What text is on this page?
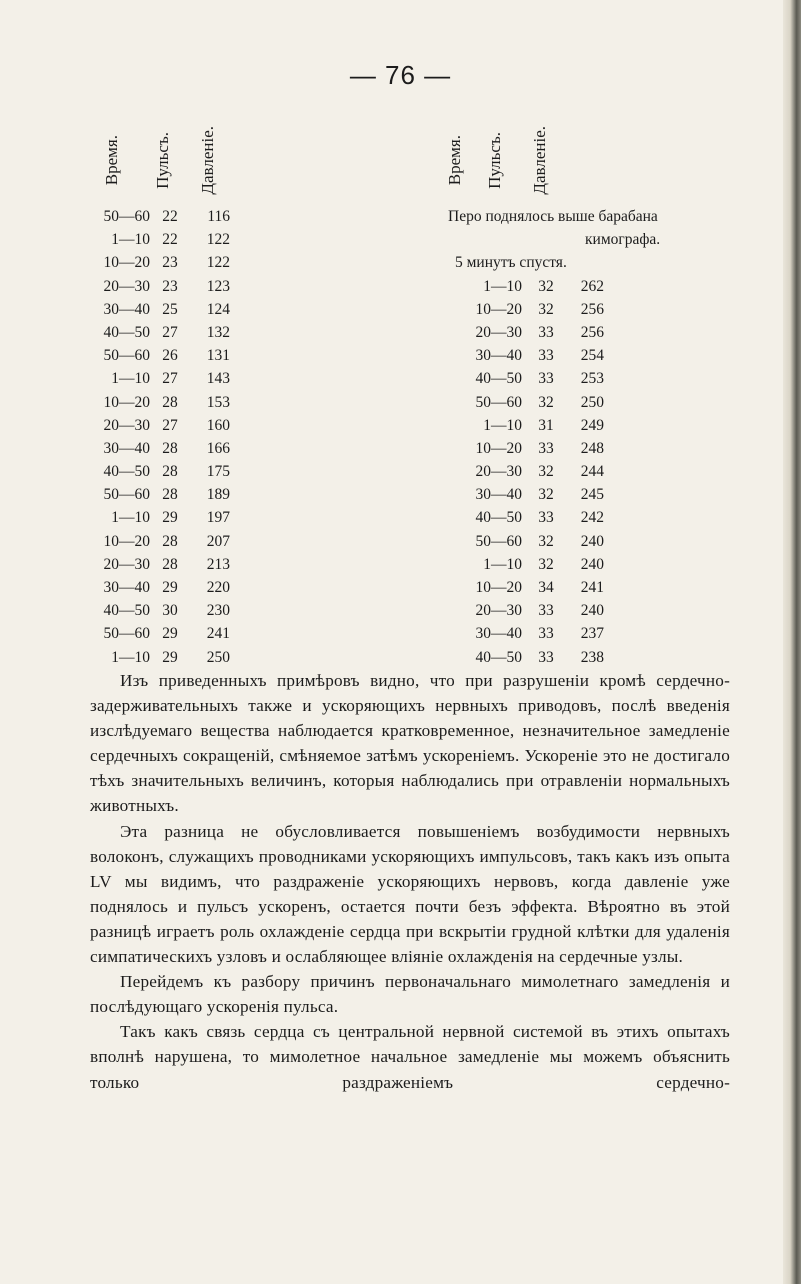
— 76 —
Время. Пульсъ. Давленіе.
50—60 22	116
1—10 22	122
10—20 23	122
20—30 23	123
30—40 25	124
40—50 27	132
50—60 26	131
1—10 27	143
10—20 28	153
20—30 27	160
30—40 28	166
40—50 28	175
50—60 28	189
1—10 29	197
10—20 28	207
20—30 28	213
30—40 29	220
40—50 30	230
50—60 29	241
1—10 29	250
Время. Пульсъ. Давленіе.
Перо поднялось выше барабана
кимографа.
5 минутъ спустя.
1—10	32	262
10—20	32	256
20—30	33	256
30—40	33	254
40—50	33	253
50—60	32	250
1—10	31	249
10—20	33	248
20—30	32	244
30—40	32	245
40—50	33	242
50—60	32	240
1—10	32	240
10—20	34	241
20—30	33	240
30—40	33	237
40—50	33	238

Изъ приведенныхъ примѣровъ видно, что при разрушеніи кромѣ сердечно-задерживательныхъ также и ускоряющихъ нервныхъ приводовъ, послѣ введенія изслѣдуемаго вещества наблюдается кратковременное, незначительное замедленіе сердечныхъ сокращеній, смѣняемое затѣмъ ускореніемъ. Ускореніе это не достигало тѣхъ значительныхъ величинъ, которыя наблюдались при отравленіи нормальныхъ животныхъ.

Эта разница не обусловливается повышеніемъ возбудимости нервныхъ волоконъ, служащихъ проводниками ускоряющихъ импульсовъ, такъ какъ изъ опыта LV мы видимъ, что раздраженіе ускоряющихъ нервовъ, когда давленіе уже поднялось и пульсъ ускоренъ, остается почти безъ эффекта. Вѣроятно въ этой разницѣ играетъ роль охлажденіе сердца при вскрытіи грудной клѣтки для удаленія симпатическихъ узловъ и ослабляющее вліяніе охлажденія на сердечные узлы.

Перейдемъ къ разбору причинъ первоначальнаго мимолетнаго замедленія и послѣдующаго ускоренія пульса.

Такъ какъ связь сердца съ центральной нервной системой въ этихъ опытахъ вполнѣ нарушена, то мимолетное начальное замедленіе мы можемъ объяснить только раздраженіемъ сердечно-
